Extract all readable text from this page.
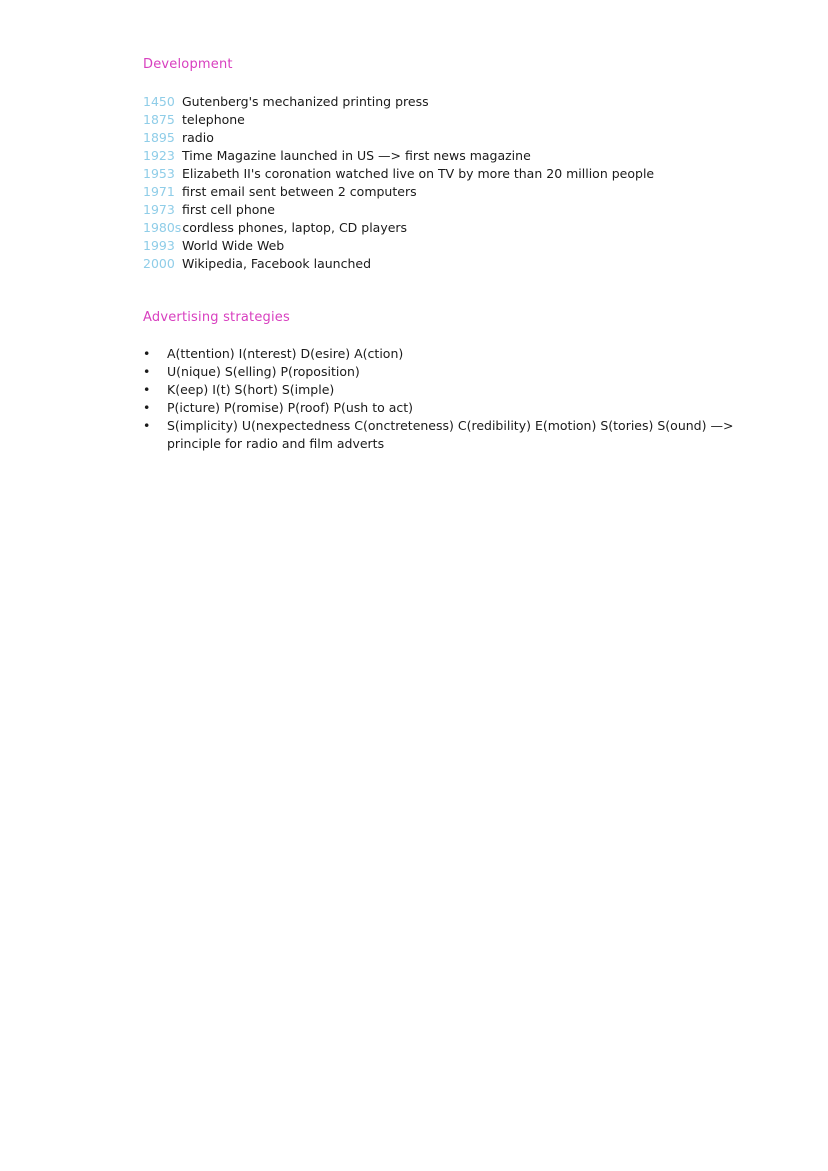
Development
1450 Gutenberg's mechanized printing press
1875 telephone
1895 radio
1923 Time Magazine launched in US —> first news magazine
1953 Elizabeth II's coronation watched live on TV by more than 20 million people
1971 first email sent between 2 computers
1973 first cell phone
1980scordless phones, laptop, CD players
1993 World Wide Web
2000 Wikipedia, Facebook launched
Advertising strategies
• A(ttention) I(nterest) D(esire) A(ction)
• U(nique) S(elling) P(roposition)
• K(eep) I(t) S(hort) S(imple)
• P(icture) P(romise) P(roof) P(ush to act)
• S(implicity) U(nexpectedness C(onctreteness) C(redibility) E(motion) S(tories) S(ound) —> principle for radio and film adverts
